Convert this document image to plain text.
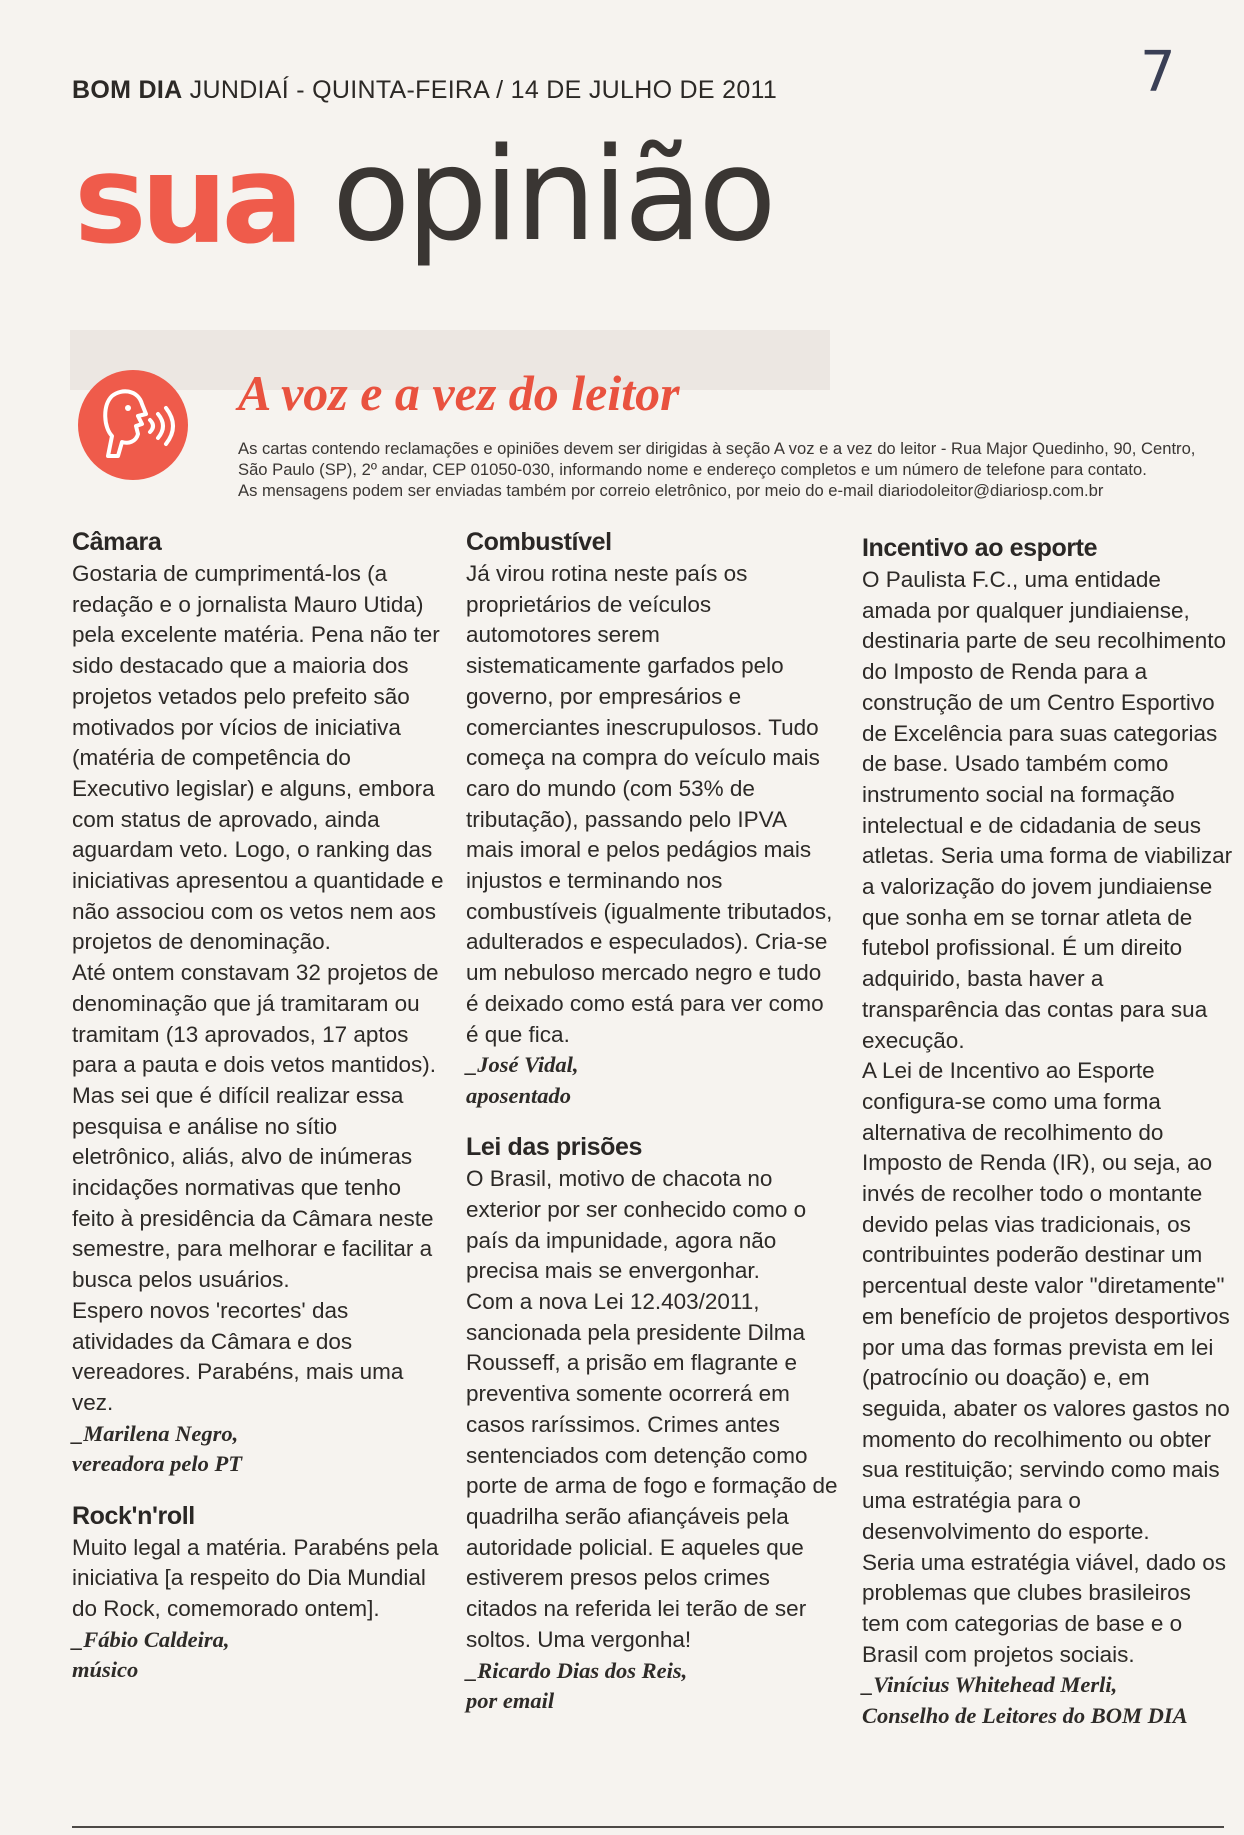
BOM DIA JUNDIAÍ - QUINTA-FEIRA / 14 DE JULHO DE 2011	7
sua opinião
A voz e a vez do leitor
As cartas contendo reclamações e opiniões devem ser dirigidas à seção A voz e a vez do leitor - Rua Major Quedinho, 90, Centro, São Paulo (SP), 2º andar, CEP 01050-030, informando nome e endereço completos e um número de telefone para contato.
As mensagens podem ser enviadas também por correio eletrônico, por meio do e-mail diariodoleitor@diariosp.com.br
Câmara

Gostaria de cumprimentá-los (a redação e o jornalista Mauro Utida) pela excelente matéria. Pena não ter sido destacado que a maioria dos projetos vetados pelo prefeito são motivados por vícios de iniciativa (matéria de competência do Executivo legislar) e alguns, embora com status de aprovado, ainda aguardam veto. Logo, o ranking das iniciativas apresentou a quantidade e não associou com os vetos nem aos projetos de denominação.

Até ontem constavam 32 projetos de denominação que já tramitaram ou tramitam (13 aprovados, 17 aptos para a pauta e dois vetos mantidos).

Mas sei que é difícil realizar essa pesquisa e análise no sítio eletrônico, aliás, alvo de inúmeras incidações normativas que tenho feito à presidência da Câmara neste semestre, para melhorar e facilitar a busca pelos usuários.

Espero novos 'recortes' das atividades da Câmara e dos vereadores. Parabéns, mais uma vez.

_Marilena Negro,
vereadora pelo PT
Rock'n'roll

Muito legal a matéria. Parabéns pela iniciativa [a respeito do Dia Mundial do Rock, comemorado ontem].

_Fábio Caldeira,
músico
Combustível

Já virou rotina neste país os proprietários de veículos automotores serem sistematicamente garfados pelo governo, por empresários e comerciantes inescrupulosos. Tudo começa na compra do veículo mais caro do mundo (com 53% de tributação), passando pelo IPVA mais imoral e pelos pedágios mais injustos e terminando nos combustíveis (igualmente tributados, adulterados e especulados). Cria-se um nebuloso mercado negro e tudo é deixado como está para ver como é que fica.

_José Vidal,
aposentado
Lei das prisões

O Brasil, motivo de chacota no exterior por ser conhecido como o país da impunidade, agora não precisa mais se envergonhar.

Com a nova Lei 12.403/2011, sancionada pela presidente Dilma Rousseff, a prisão em flagrante e preventiva somente ocorrerá em casos raríssimos. Crimes antes sentenciados com detenção como porte de arma de fogo e formação de quadrilha serão afiançáveis pela autoridade policial. E aqueles que estiverem presos pelos crimes citados na referida lei terão de ser soltos. Uma vergonha!

_Ricardo Dias dos Reis,
por email
Incentivo ao esporte

O Paulista F.C., uma entidade amada por qualquer jundiaiense, destinaria parte de seu recolhimento do Imposto de Renda para a construção de um Centro Esportivo de Excelência para suas categorias de base. Usado também como instrumento social na formação intelectual e de cidadania de seus atletas. Seria uma forma de viabilizar a valorização do jovem jundiaiense que sonha em se tornar atleta de futebol profissional. É um direito adquirido, basta haver a transparência das contas para sua execução.

A Lei de Incentivo ao Esporte configura-se como uma forma alternativa de recolhimento do Imposto de Renda (IR), ou seja, ao invés de recolher todo o montante devido pelas vias tradicionais, os contribuintes poderão destinar um percentual deste valor "diretamente" em benefício de projetos desportivos por uma das formas prevista em lei (patrocínio ou doação) e, em seguida, abater os valores gastos no momento do recolhimento ou obter sua restituição; servindo como mais uma estratégia para o desenvolvimento do esporte.

Seria uma estratégia viável, dado os problemas que clubes brasileiros tem com categorias de base e o Brasil com projetos sociais.

_Vinícius Whitehead Merli,
Conselho de Leitores do BOM DIA
